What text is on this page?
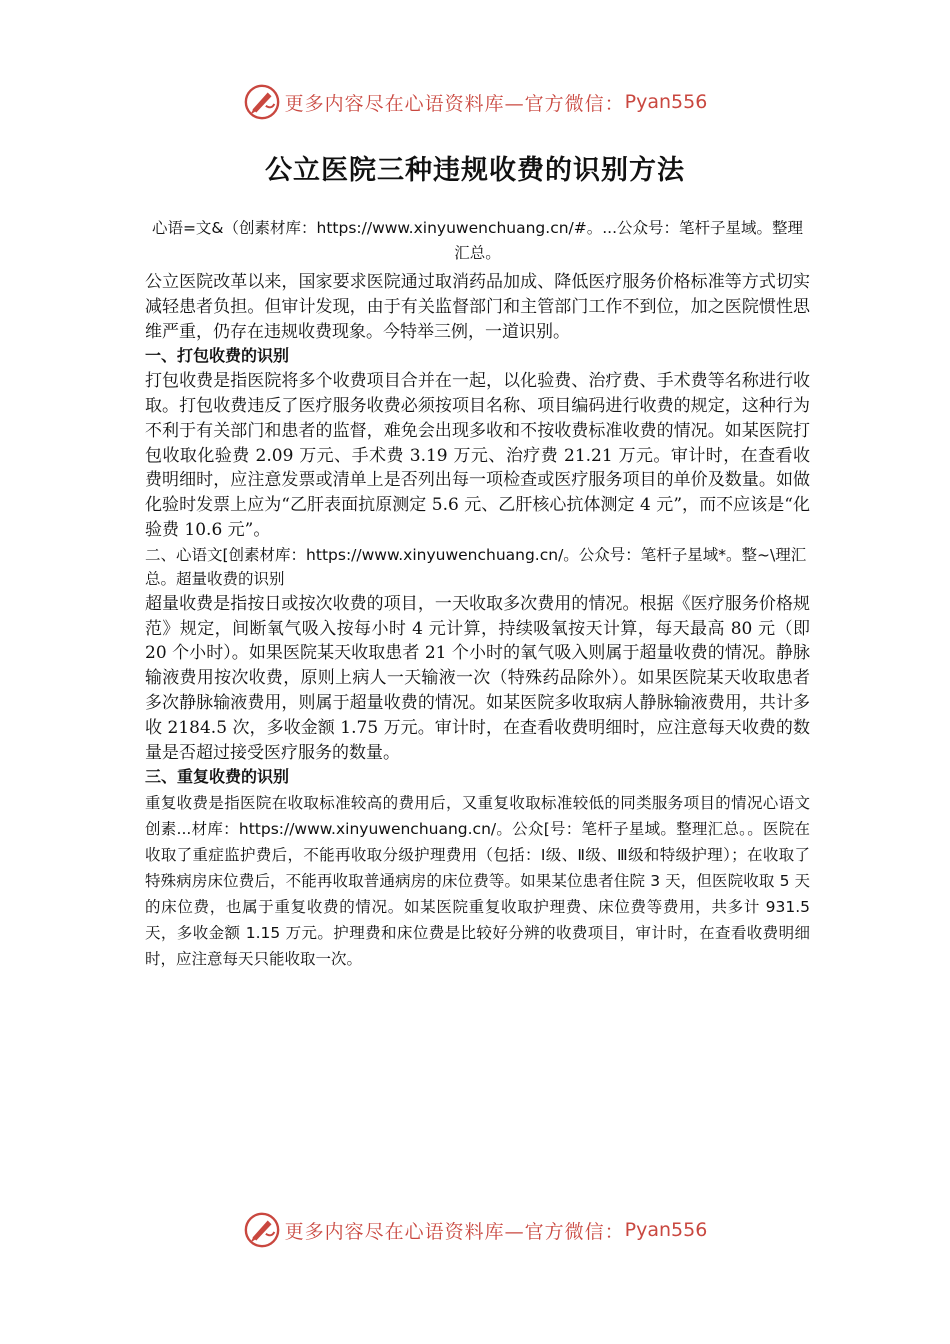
更多内容尽在心语资料库—官方微信： Pyan556
公立医院三种违规收费的识别方法

心语=文&（创素材库：https://www.xinyuwenchuang.cn/#。...公众号：笔杆子星域。整理汇总。

公立医院改革以来，国家要求医院通过取消药品加成、降低医疗服务价格标准等方式切实减轻患者负担。但审计发现，由于有关监督部门和主管部门工作不到位，加之医院惯性思维严重，仍存在违规收费现象。今特举三例，一道识别。

一、打包收费的识别

打包收费是指医院将多个收费项目合并在一起，以化验费、治疗费、手术费等名称进行收取。打包收费违反了医疗服务收费必须按项目名称、项目编码进行收费的规定，这种行为不利于有关部门和患者的监督，难免会出现多收和不按收费标准收费的情况。如某医院打包收取化验费 2.09 万元、手术费 3.19 万元、治疗费 21.21 万元。审计时，在查看收费明细时，应注意发票或清单上是否列出每一项检查或医疗服务项目的单价及数量。如做化验时发票上应为“乙肝表面抗原测定 5.6 元、乙肝核心抗体测定 4 元”，而不应该是“化验费 10.6 元”。

二、心语文[创素材库：https://www.xinyuwenchuang.cn/。公众号：笔杆子星域*。整~\理汇总。超量收费的识别

超量收费是指按日或按次收费的项目，一天收取多次费用的情况。根据《医疗服务价格规范》规定，间断氧气吸入按每小时 4 元计算，持续吸氧按天计算，每天最高 80 元（即 20 个小时）。如果医院某天收取患者 21 个小时的氧气吸入则属于超量收费的情况。静脉输液费用按次收费，原则上病人一天输液一次（特殊药品除外）。如果医院某天收取患者多次静脉输液费用，则属于超量收费的情况。如某医院多收取病人静脉输液费用，共计多收 2184.5 次，多收金额 1.75 万元。审计时，在查看收费明细时，应注意每天收费的数量是否超过接受医疗服务的数量。

三、重复收费的识别

重复收费是指医院在收取标准较高的费用后，又重复收取标准较低的同类服务项目的情况心语文创素...材库：https://www.xinyuwenchuang.cn/。公众[号：笔杆子星域。整理汇总。。医院在收取了重症监护费后，不能再收取分级护理费用（包括：Ⅰ级、Ⅱ级、Ⅲ级和特级护理）；在收取了特殊病房床位费后，不能再收取普通病房的床位费等。如果某位患者住院 3 天，但医院收取 5 天的床位费，也属于重复收费的情况。如某医院重复收取护理费、床位费等费用，共多计 931.5 天，多收金额 1.15 万元。护理费和床位费是比较好分辨的收费项目，审计时，在查看收费明细时，应注意每天只能收取一次。

更多内容尽在心语资料库—官方微信： Pyan556
